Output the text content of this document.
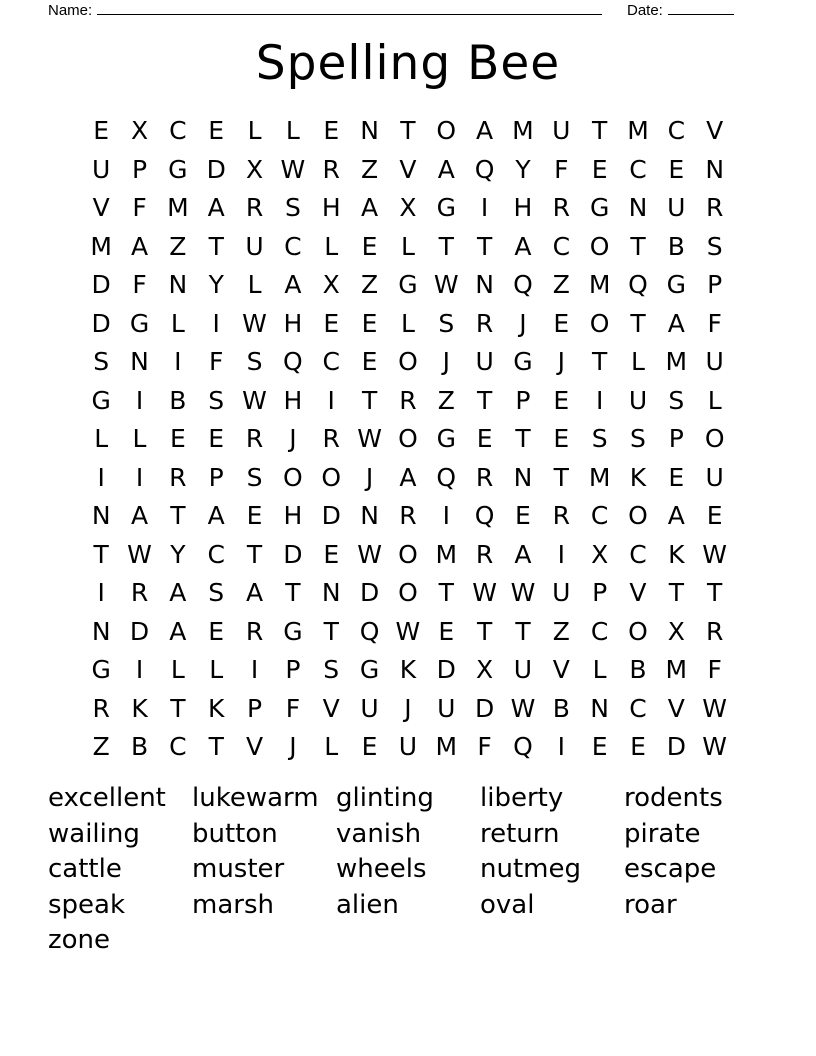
Name:	Date:
Spelling Bee
E X C E L L E N T O A M U T M C V
U P G D X W R Z V A Q Y F E C E N
V F M A R S H A X G I	H R G N U R
M A Z T U C L E L T T A C O T B S
D F N Y L A X Z G W N Q Z M Q G P
D G L	I W H E E L S R	J	E O T A F
S N	I	F S Q C E O J	U G J	T L M U
G I	B S W H	I	T R Z T P E	I	U S L
L L E E R	J	R W O G E T E S S P O
I	I	R P S O O J	A Q R N T M K E U
N A T A E H D N R	I Q E R C O A E
T W Y C T D E W O M R A	I	X C K W
I	R A S A T N D O T W W U P V T T
N D A E R G T Q W E T T Z C O X R
G I	L L	I	P S G K D X U V L B M F
R K T K P F V U	J	U D W B N C V W
Z B C T V	J	L E U M F Q I	E E D W
excellent	lukewarm glinting	liberty	rodents
wailing	button	vanish	return	pirate
cattle	muster	wheels	nutmeg	escape
speak	marsh	alien	oval	roar
zone
